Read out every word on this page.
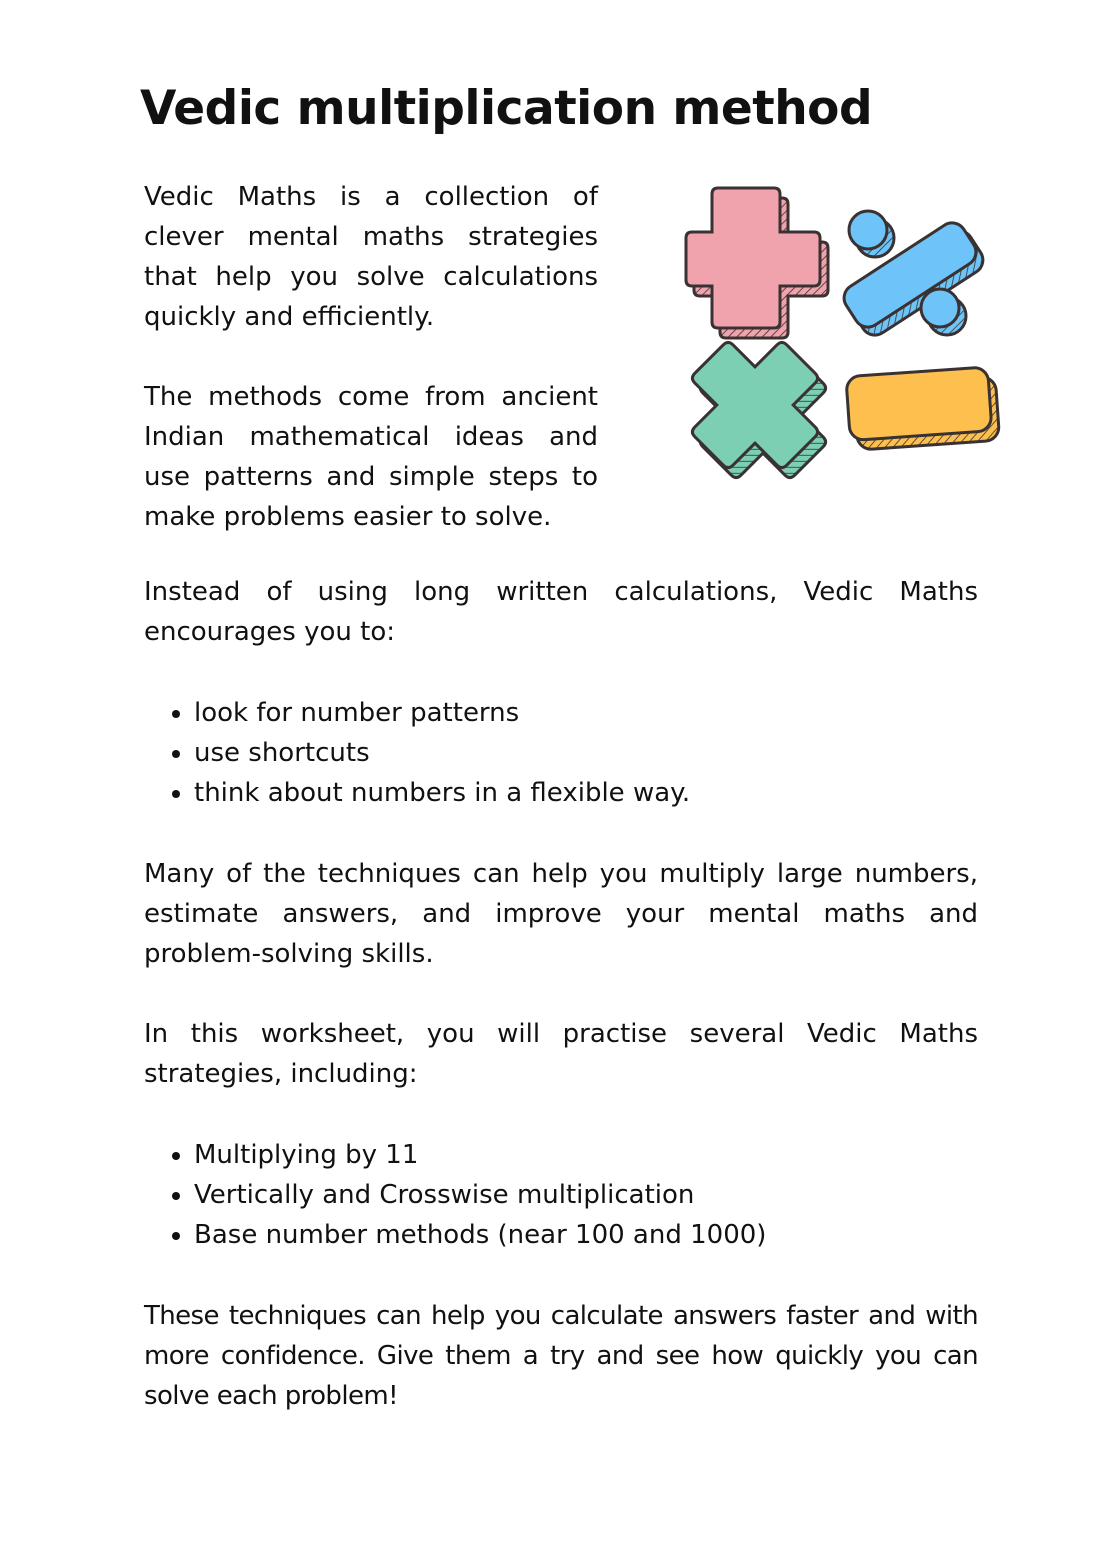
Vedic multiplication method

Vedic Maths is a collection of clever mental maths strategies that help you solve calculations quickly and efficiently.

The methods come from ancient Indian mathematical ideas and use patterns and simple steps to make problems easier to solve.

Instead of using long written calculations, Vedic Maths encourages you to:

• look for number patterns
• use shortcuts
• think about numbers in a flexible way.

Many of the techniques can help you multiply large numbers, estimate answers, and improve your mental maths and problem-solving skills.

In this worksheet, you will practise several Vedic Maths strategies, including:

• Multiplying by 11
• Vertically and Crosswise multiplication
• Base number methods (near 100 and 1000)

These techniques can help you calculate answers faster and with more confidence. Give them a try and see how quickly you can solve each problem!
